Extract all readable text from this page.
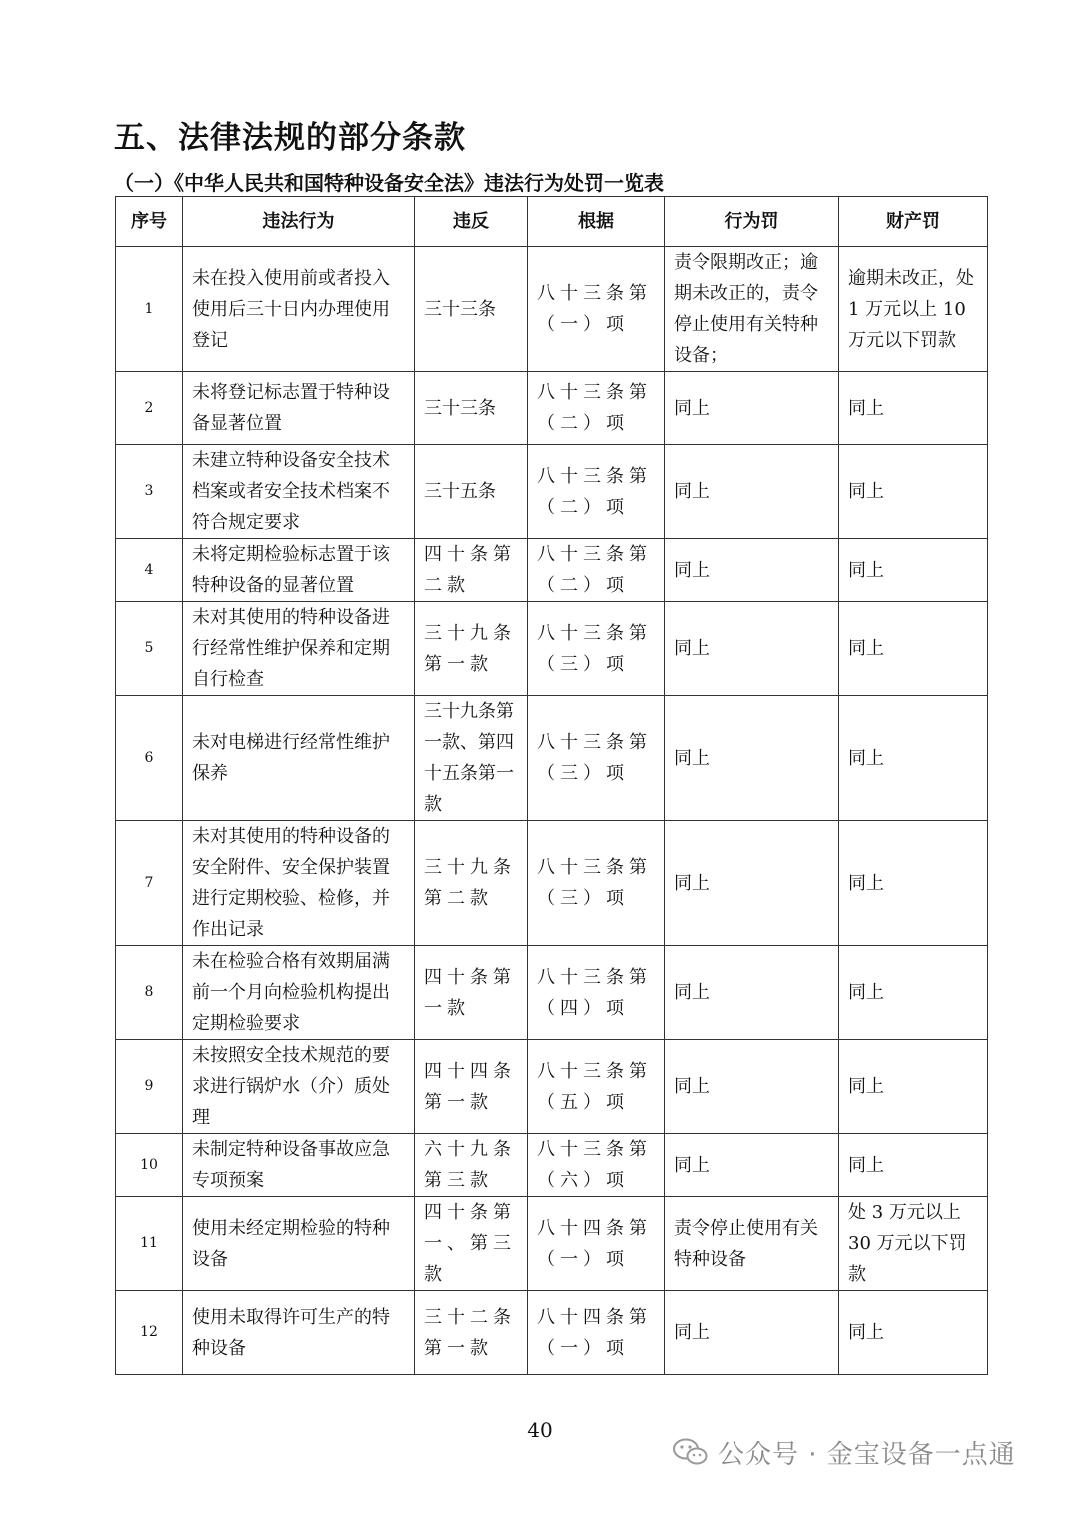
五、法律法规的部分条款
（一）《中华人民共和国特种设备安全法》违法行为处罚一览表
序号	违法行为	违反	根据	行为罚	财产罚
1	未在投入使用前或者投入使用后三十日内办理使用登记	三十三条	八十三条第（一）项	责令限期改正；逾期未改正的，责令停止使用有关特种设备；	逾期未改正，处 1 万元以上 10 万元以下罚款
2	未将登记标志置于特种设备显著位置	三十三条	八十三条第（二）项	同上	同上
3	未建立特种设备安全技术档案或者安全技术档案不符合规定要求	三十五条	八十三条第（二）项	同上	同上
4	未将定期检验标志置于该特种设备的显著位置	四十条第二款	八十三条第（二）项	同上	同上
5	未对其使用的特种设备进行经常性维护保养和定期自行检查	三十九条第一款	八十三条第（三）项	同上	同上
6	未对电梯进行经常性维护保养	三十九条第一款、第四十五条第一款	八十三条第（三）项	同上	同上
7	未对其使用的特种设备的安全附件、安全保护装置进行定期校验、检修，并作出记录	三十九条第二款	八十三条第（三）项	同上	同上
8	未在检验合格有效期届满前一个月向检验机构提出定期检验要求	四十条第一款	八十三条第（四）项	同上	同上
9	未按照安全技术规范的要求进行锅炉水（介）质处理	四十四条第一款	八十三条第（五）项	同上	同上
10	未制定特种设备事故应急专项预案	六十九条第三款	八十三条第（六）项	同上	同上
11	使用未经定期检验的特种设备	四十条第一、第三款	八十四条第（一）项	责令停止使用有关特种设备	处 3 万元以上 30 万元以下罚款
12	使用未取得许可生产的特种设备	三十二条第一款	八十四条第（一）项	同上	同上
40
公众号 · 金宝设备一点通
